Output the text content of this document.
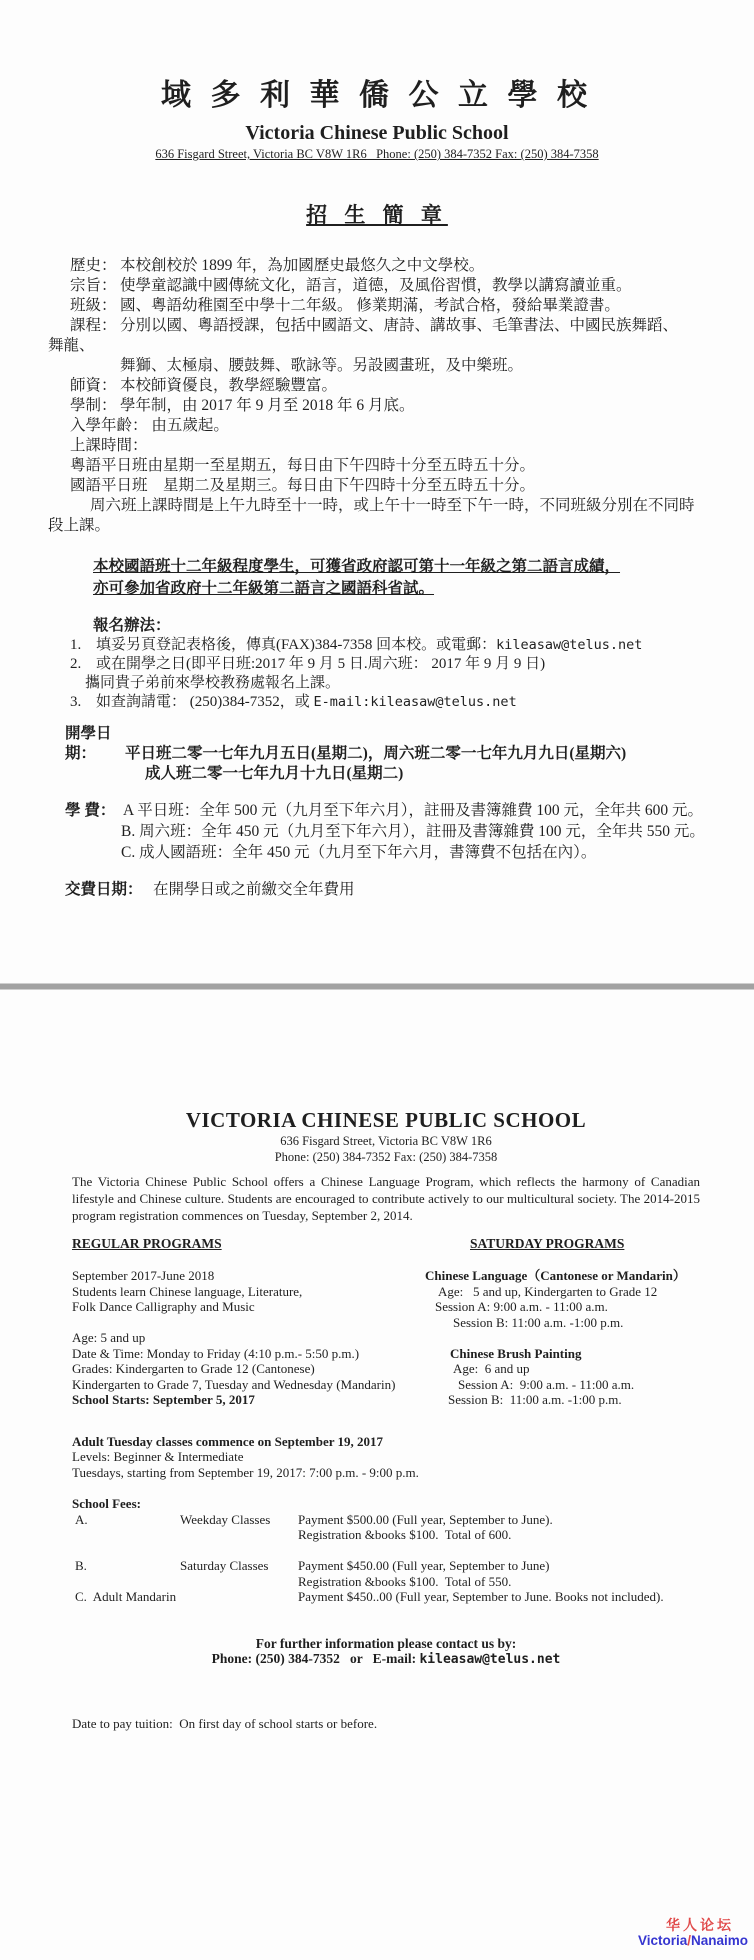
域 多 利 華 僑 公 立 學 校
Victoria Chinese Public School
636 Fisgard Street, Victoria BC V8W 1R6   Phone: (250) 384-7352 Fax: (250) 384-7358
招 生 簡 章
歷史： 本校創校於 1899 年，為加國歷史最悠久之中文學校。
宗旨： 使學童認識中國傳統文化，語言，道德，及風俗習慣，教學以講寫讀並重。
班級： 國、粵語幼稚園至中學十二年級。 修業期滿，考試合格，發給畢業證書。
課程： 分別以國、粵語授課，包括中國語文、唐詩、講故事、毛筆書法、中國民族舞蹈、
舞龍、
舞獅、太極扇、腰鼓舞、歌詠等。另設國畫班，及中樂班。
師資： 本校師資優良，教學經驗豐富。
學制： 學年制，由 2017 年 9 月至 2018 年 6 月底。
入學年齡： 由五歲起。
上課時間：
粵語平日班由星期一至星期五，每日由下午四時十分至五時五十分。
國語平日班　星期二及星期三。每日由下午四時十分至五時五十分。
周六班上課時間是上午九時至十一時，或上午十一時至下午一時，不同班級分別在不同時
段上課。
本校國語班十二年級程度學生，可獲省政府認可第十一年級之第二語言成績，
亦可參加省政府十二年級第二語言之國語科省試。
報名辦法：
1. 填妥另頁登記表格後，傳真(FAX)384-7358 回本校。或電郵：kileasaw@telus.net
2. 或在開學之日(即平日班:2017 年 9 月 5 日.周六班： 2017 年 9 月 9 日)
攜同貴子弟前來學校教務處報名上課。
3. 如查詢請電： (250)384-7352，或 E-mail:kileasaw@telus.net
開學日期： 平日班二零一七年九月五日(星期二)，周六班二零一七年九月九日(星期六)
成人班二零一七年九月十九日(星期二)
學 費： A 平日班：全年 500 元（九月至下年六月），註冊及書簿雜費 100 元，全年共 600 元。
B. 周六班：全年 450 元（九月至下年六月），註冊及書簿雜費 100 元，全年共 550 元。
C. 成人國語班：全年 450 元（九月至下年六月，書簿費不包括在內）。
交費日期： 在開學日或之前繳交全年費用
VICTORIA CHINESE PUBLIC SCHOOL
636 Fisgard Street, Victoria BC V8W 1R6
Phone: (250) 384-7352 Fax: (250) 384-7358

The Victoria Chinese Public School offers a Chinese Language Program, which reflects the harmony of Canadian lifestyle and Chinese culture. Students are encouraged to contribute actively to our multicultural society. The 2014-2015 program registration commences on Tuesday, September 2, 2014.

REGULAR PROGRAMS
September 2017-June 2018
Students learn Chinese language, Literature,
Folk Dance Calligraphy and Music
Age: 5 and up
Date & Time: Monday to Friday (4:10 p.m.- 5:50 p.m.)
Grades: Kindergarten to Grade 12 (Cantonese)
Kindergarten to Grade 7, Tuesday and Wednesday (Mandarin)
School Starts: September 5, 2017
SATURDAY PROGRAMS
Chinese Language（Cantonese or Mandarin）
Age:   5 and up, Kindergarten to Grade 12
Session A: 9:00 a.m. - 11:00 a.m.
Session B: 11:00 a.m. -1:00 p.m.
Chinese Brush Painting
Age:  6 and up
Session A:  9:00 a.m. - 11:00 a.m.
Session B:  11:00 a.m. -1:00 p.m.
Adult Tuesday classes commence on September 19, 2017
Levels: Beginner & Intermediate
Tuesdays, starting from September 19, 2017: 7:00 p.m. - 9:00 p.m.
School Fees:
A.	Weekday Classes	Payment $500.00 (Full year, September to June).
Registration &books $100.  Total of 600.
B.	Saturday Classes	Payment $450.00 (Full year, September to June)
Registration &books $100.  Total of 550.
C.  Adult Mandarin	Payment $450..00 (Full year, September to June. Books not included).
For further information please contact us by:
Phone: (250) 384-7352   or   E-mail: kileasaw@telus.net
Date to pay tuition:  On first day of school starts or before.
华人论坛
Victoria/Nanaimo
